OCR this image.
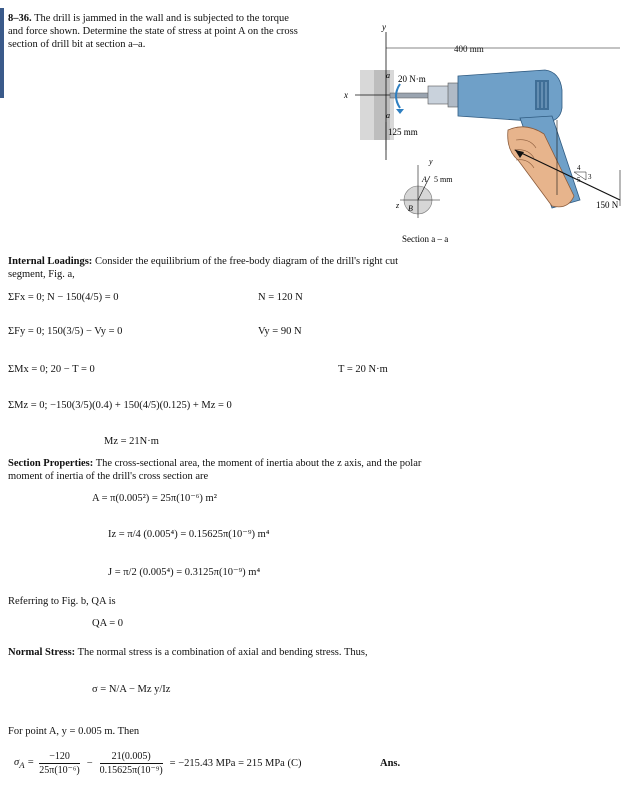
8–36. The drill is jammed in the wall and is subjected to the torque and force shown. Determine the state of stress at point A on the cross section of drill bit at section a–a.
y
x
a
a
20 N·m
400 mm
125 mm
150 N
4
3
5
y
z
A
B
5 mm
Section a – a
Internal Loadings: Consider the equilibrium of the free-body diagram of the drill's right cut segment, Fig. a,
ΣFx = 0; N − 150(4/5) = 0	N = 120 N
ΣFy = 0; 150(3/5) − Vy = 0	Vy = 90 N
ΣMx = 0; 20 − T = 0	T = 20 N·m
ΣMz = 0; −150(3/5)(0.4) + 150(4/5)(0.125) + Mz = 0
Mz = 21N·m
Section Properties: The cross-sectional area, the moment of inertia about the z axis, and the polar moment of inertia of the drill's cross section are
A = π(0.005²) = 25π(10⁻⁶) m²
Iz = π/4 (0.005⁴) = 0.15625π(10⁻⁹) m⁴
J = π/2 (0.005⁴) = 0.3125π(10⁻⁹) m⁴
Referring to Fig. b, QA is
QA = 0
Normal Stress: The normal stress is a combination of axial and bending stress. Thus,
σ = N/A − Mz y/Iz
For point A, y = 0.005 m. Then
$\sigma_A = \frac{-120}{\text{25π(10⁻⁶)}} - \frac{21(0.005)}{\text{0.15625π(10⁻⁹)}} = -215.43$ MPa = 215 MPa (C)	Ans.
